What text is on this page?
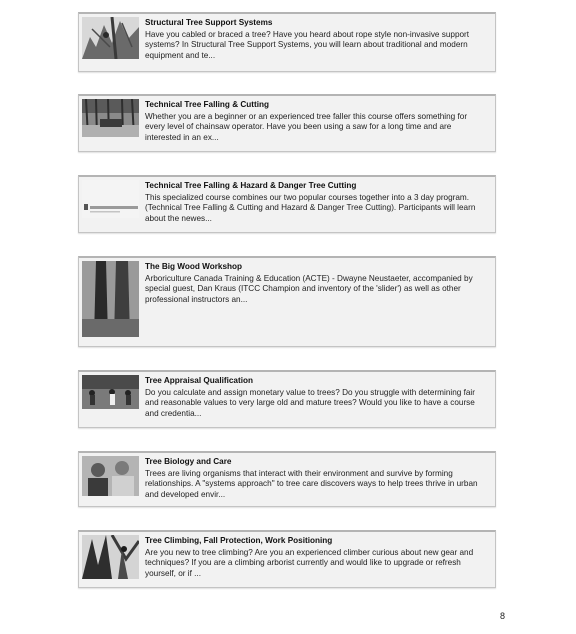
Structural Tree Support Systems

Have you cabled or braced a tree? Have you heard about rope style non-invasive support systems? In Structural Tree Support Systems, you will learn about traditional and modern equipment and te...

Technical Tree Falling & Cutting

Whether you are a beginner or an experienced tree faller this course offers something for every level of chainsaw operator. Have you been using a saw for a long time and are interested in an ex...

Technical Tree Falling & Hazard & Danger Tree Cutting

This specialized course combines our two popular courses together into a 3 day program. (Technical Tree Falling & Cutting and Hazard & Danger Tree Cutting). Participants will learn about the newes...

The Big Wood Workshop

Arboriculture Canada Training & Education (ACTE) - Dwayne Neustaeter, accompanied by special guest, Dan Kraus (ITCC Champion and inventory of the 'slider') as well as other professional instructors an...

Tree Appraisal Qualification

Do you calculate and assign monetary value to trees? Do you struggle with determining fair and reasonable values to very large old and mature trees? Would you like to have a course and credentia...

Tree Biology and Care

Trees are living organisms that interact with their environment and survive by forming relationships. A "systems approach" to tree care discovers ways to help trees thrive in urban and developed envir...

Tree Climbing, Fall Protection, Work Positioning

Are you new to tree climbing? Are you an experienced climber curious about new gear and techniques? If you are a climbing arborist currently and would like to upgrade or refresh yourself, or if ...

8
